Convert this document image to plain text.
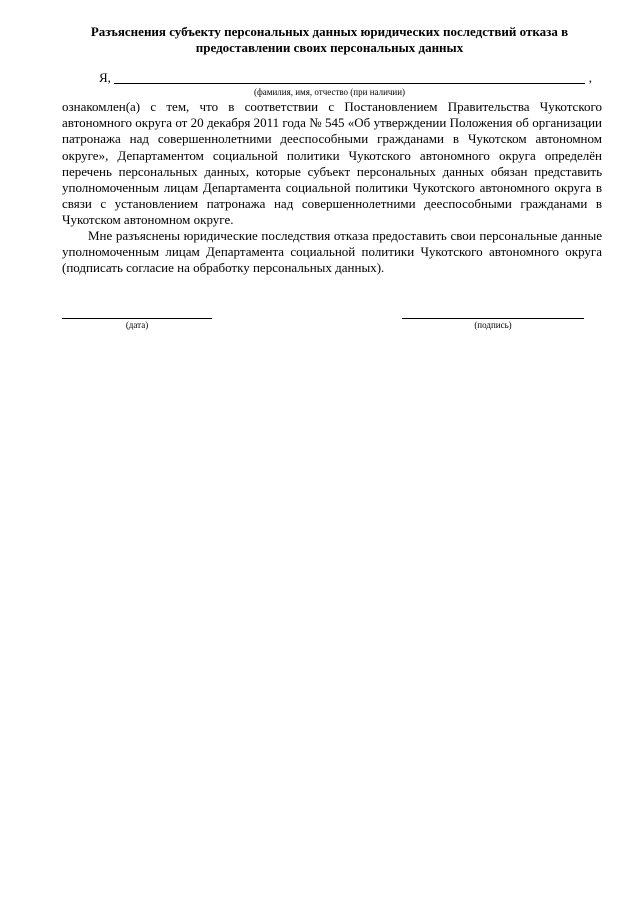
Разъяснения субъекту персональных данных юридических последствий отказа в
предоставлении своих персональных данных
Я,	,
(фамилия, имя, отчество (при наличии)

ознакомлен(а) с тем, что в соответствии с Постановлением Правительства Чукотского автономного округа от 20 декабря 2011 года № 545 «Об утверждении Положения об организации патронажа над совершеннолетними дееспособными гражданами в Чукотском автономном округе», Департаментом социальной политики Чукотского автономного округа определён перечень персональных данных, которые субъект персональных данных обязан представить уполномоченным лицам Департамента социальной политики Чукотского автономного округа в связи с установлением патронажа над совершеннолетними дееспособными гражданами в Чукотском автономном округе.

Мне разъяснены юридические последствия отказа предоставить свои персональные данные уполномоченным лицам Департамента социальной политики Чукотского автономного округа (подписать согласие на обработку персональных данных).

(дата)	(подпись)
